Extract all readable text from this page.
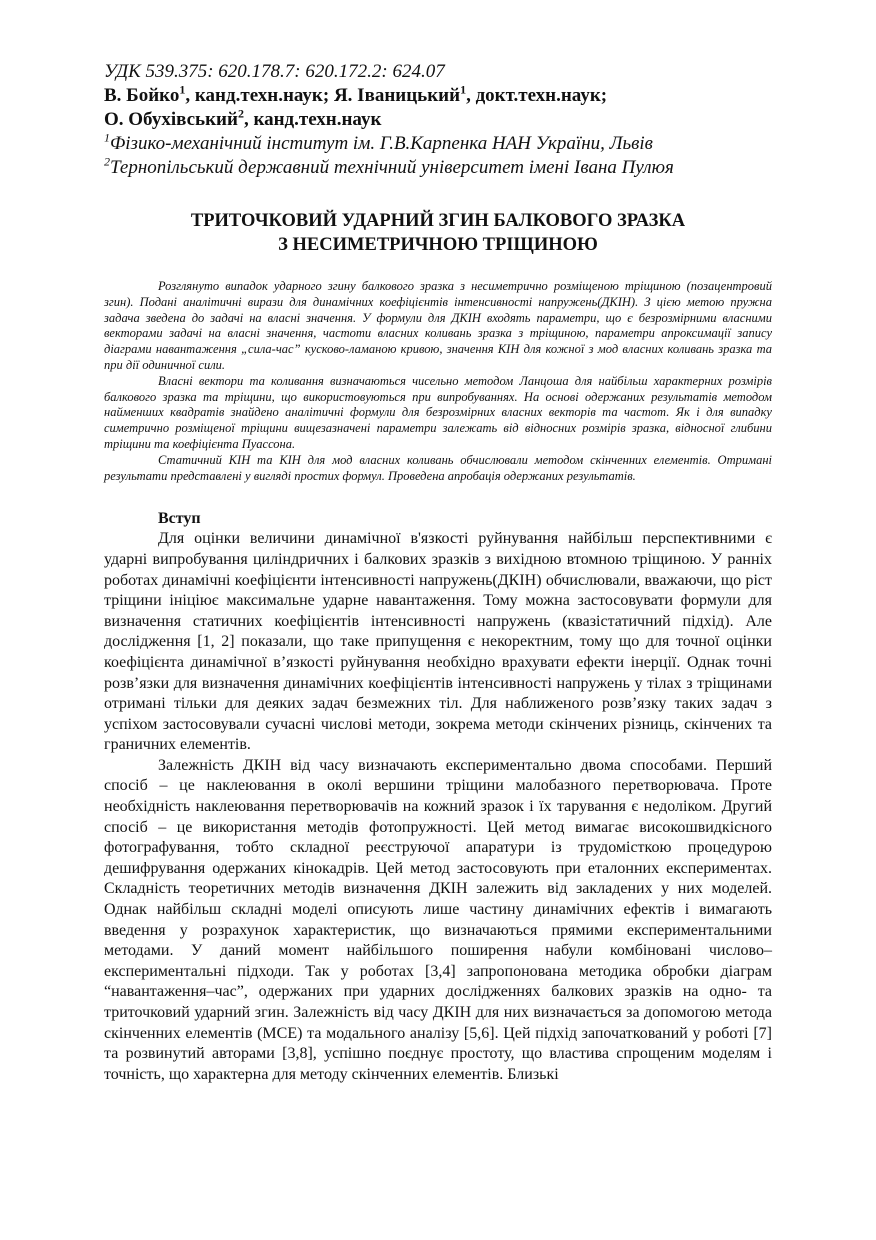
УДК 539.375: 620.178.7: 620.172.2: 624.07

В. Бойко$^1$, канд.техн.наук; Я. Іваницький$^1$, докт.техн.наук;

О. Обухівський$^2$, канд.техн.наук

$^1$Фізико-механічний інститут ім. Г.В.Карпенка НАН України, Львів

$^2$Тернопільський державний технічний університет імені Івана Пулюя

ТРИТОЧКОВИЙ УДАРНИЙ ЗГИН БАЛКОВОГО ЗРАЗКА
З НЕСИМЕТРИЧНОЮ ТРІЩИНОЮ

Розглянуто випадок ударного згину балкового зразка з несиметрично розміщеною тріщиною (позацентровий згин). Подані аналітичні вирази для динамічних коефіцієнтів інтенсивності напружень(ДКІН). З цією метою пружна задача зведена до задачі на власні значення. У формули для ДКІН входять параметри, що є безрозмірними власними векторами задачі на власні значення, частоти власних коливань зразка з тріщиною, параметри апроксимації запису діаграми навантаження „сила-час” кусково-ламаною кривою, значення КІН для кожної з мод власних коливань зразка та при дії одиничної сили.

Власні вектори та коливання визначаються чисельно методом Ланцоша для найбільш характерних розмірів балкового зразка та тріщини, що використовуються при випробуваннях. На основі одержаних результатів методом найменших квадратів знайдено аналітичні формули для безрозмірних власних векторів та частот. Як і для випадку симетрично розміщеної тріщини вищезазначені параметри залежать від відносних розмірів зразка, відносної глибини тріщини та коефіцієнта Пуассона.

Статичний КІН та КІН для мод власних коливань обчислювали методом скінченних елементів. Отримані результати представлені у вигляді простих формул. Проведена апробація одержаних результатів.

Вступ

Для оцінки величини динамічної в'язкості руйнування найбільш перспективними є ударні випробування циліндричних і балкових зразків з вихідною втомною тріщиною. У ранніх роботах динамічні коефіцієнти інтенсивності напружень(ДКІН) обчислювали, вважаючи, що ріст тріщини ініціює максимальне ударне навантаження. Тому можна застосовувати формули для визначення статичних коефіцієнтів інтенсивності напружень (квазістатичний підхід). Але дослідження [1, 2] показали, що таке припущення є некоректним, тому що для точної оцінки коефіцієнта динамічної в’язкості руйнування необхідно врахувати ефекти інерції. Однак точні розв’язки для визначення динамічних коефіцієнтів інтенсивності напружень у тілах з тріщинами отримані тільки для деяких задач безмежних тіл. Для наближеного розв’язку таких задач з успіхом застосовували сучасні числові методи, зокрема методи скінчених різниць, скінчених та граничних елементів.

Залежність ДКІН від часу визначають експериментально двома способами. Перший спосіб – це наклеювання в околі вершини тріщини малобазного перетворювача. Проте необхідність наклеювання перетворювачів на кожний зразок і їх тарування є недоліком. Другий спосіб – це використання методів фотопружності. Цей метод вимагає високошвидкісного фотографування, тобто складної реєструючої апаратури із трудомісткою процедурою дешифрування одержаних кінокадрів. Цей метод застосовують при еталонних експериментах. Складність теоретичних методів визначення ДКІН залежить від закладених у них моделей. Однак найбільш складні моделі описують лише частину динамічних ефектів і вимагають введення у розрахунок характеристик, що визначаються прямими експериментальними методами. У даний момент найбільшого поширення набули комбіновані числово–експериментальні підходи. Так у роботах [3,4] запропонована методика обробки діаграм “навантаження–час”, одержаних при ударних дослідженнях балкових зразків на одно- та триточковий ударний згин. Залежність від часу ДКІН для них визначається за допомогою метода скінченних елементів (МСЕ) та модального аналізу [5,6]. Цей підхід започаткований у роботі [7] та розвинутий авторами [3,8], успішно поєднує простоту, що властива спрощеним моделям і точність, що характерна для методу скінченних елементів. Близькі
